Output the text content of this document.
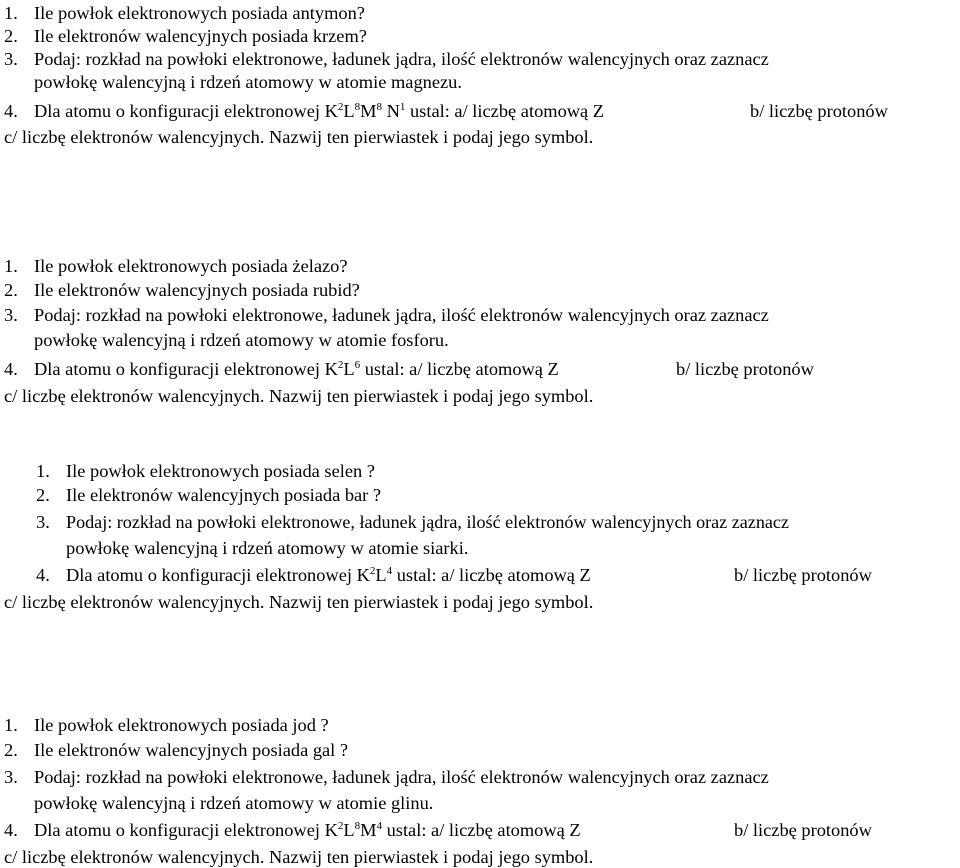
1. Ile powłok elektronowych posiada antymon?
2. Ile elektronów walencyjnych posiada krzem?
3. Podaj: rozkład na powłoki elektronowe, ładunek jądra, ilość elektronów walencyjnych oraz zaznacz
powłokę walencyjną i rdzeń atomowy w atomie magnezu.
4. Dla atomu o konfiguracji elektronowej $K^2L^8M^8$ $N^1$ ustal: a/ liczbę atomową Z	b/ liczbę protonów
c/ liczbę elektronów walencyjnych. Nazwij ten pierwiastek i podaj jego symbol.
1. Ile powłok elektronowych posiada żelazo?
2. Ile elektronów walencyjnych posiada rubid?
3. Podaj: rozkład na powłoki elektronowe, ładunek jądra, ilość elektronów walencyjnych oraz zaznacz
powłokę walencyjną i rdzeń atomowy w atomie fosforu.
4. Dla atomu o konfiguracji elektronowej $K^2L^6$ ustal: a/ liczbę atomową Z	b/ liczbę protonów
c/ liczbę elektronów walencyjnych. Nazwij ten pierwiastek i podaj jego symbol.
1. Ile powłok elektronowych posiada selen ?
2. Ile elektronów walencyjnych posiada bar ?
3. Podaj: rozkład na powłoki elektronowe, ładunek jądra, ilość elektronów walencyjnych oraz zaznacz
powłokę walencyjną i rdzeń atomowy w atomie siarki.
4. Dla atomu o konfiguracji elektronowej $K^2L^4$ ustal: a/ liczbę atomową Z	b/ liczbę protonów
c/ liczbę elektronów walencyjnych. Nazwij ten pierwiastek i podaj jego symbol.
1. Ile powłok elektronowych posiada jod ?
2. Ile elektronów walencyjnych posiada gal ?
3. Podaj: rozkład na powłoki elektronowe, ładunek jądra, ilość elektronów walencyjnych oraz zaznacz
powłokę walencyjną i rdzeń atomowy w atomie glinu.
4. Dla atomu o konfiguracji elektronowej $K^2L^8M^4$ ustal: a/ liczbę atomową Z	b/ liczbę protonów
c/ liczbę elektronów walencyjnych. Nazwij ten pierwiastek i podaj jego symbol.
